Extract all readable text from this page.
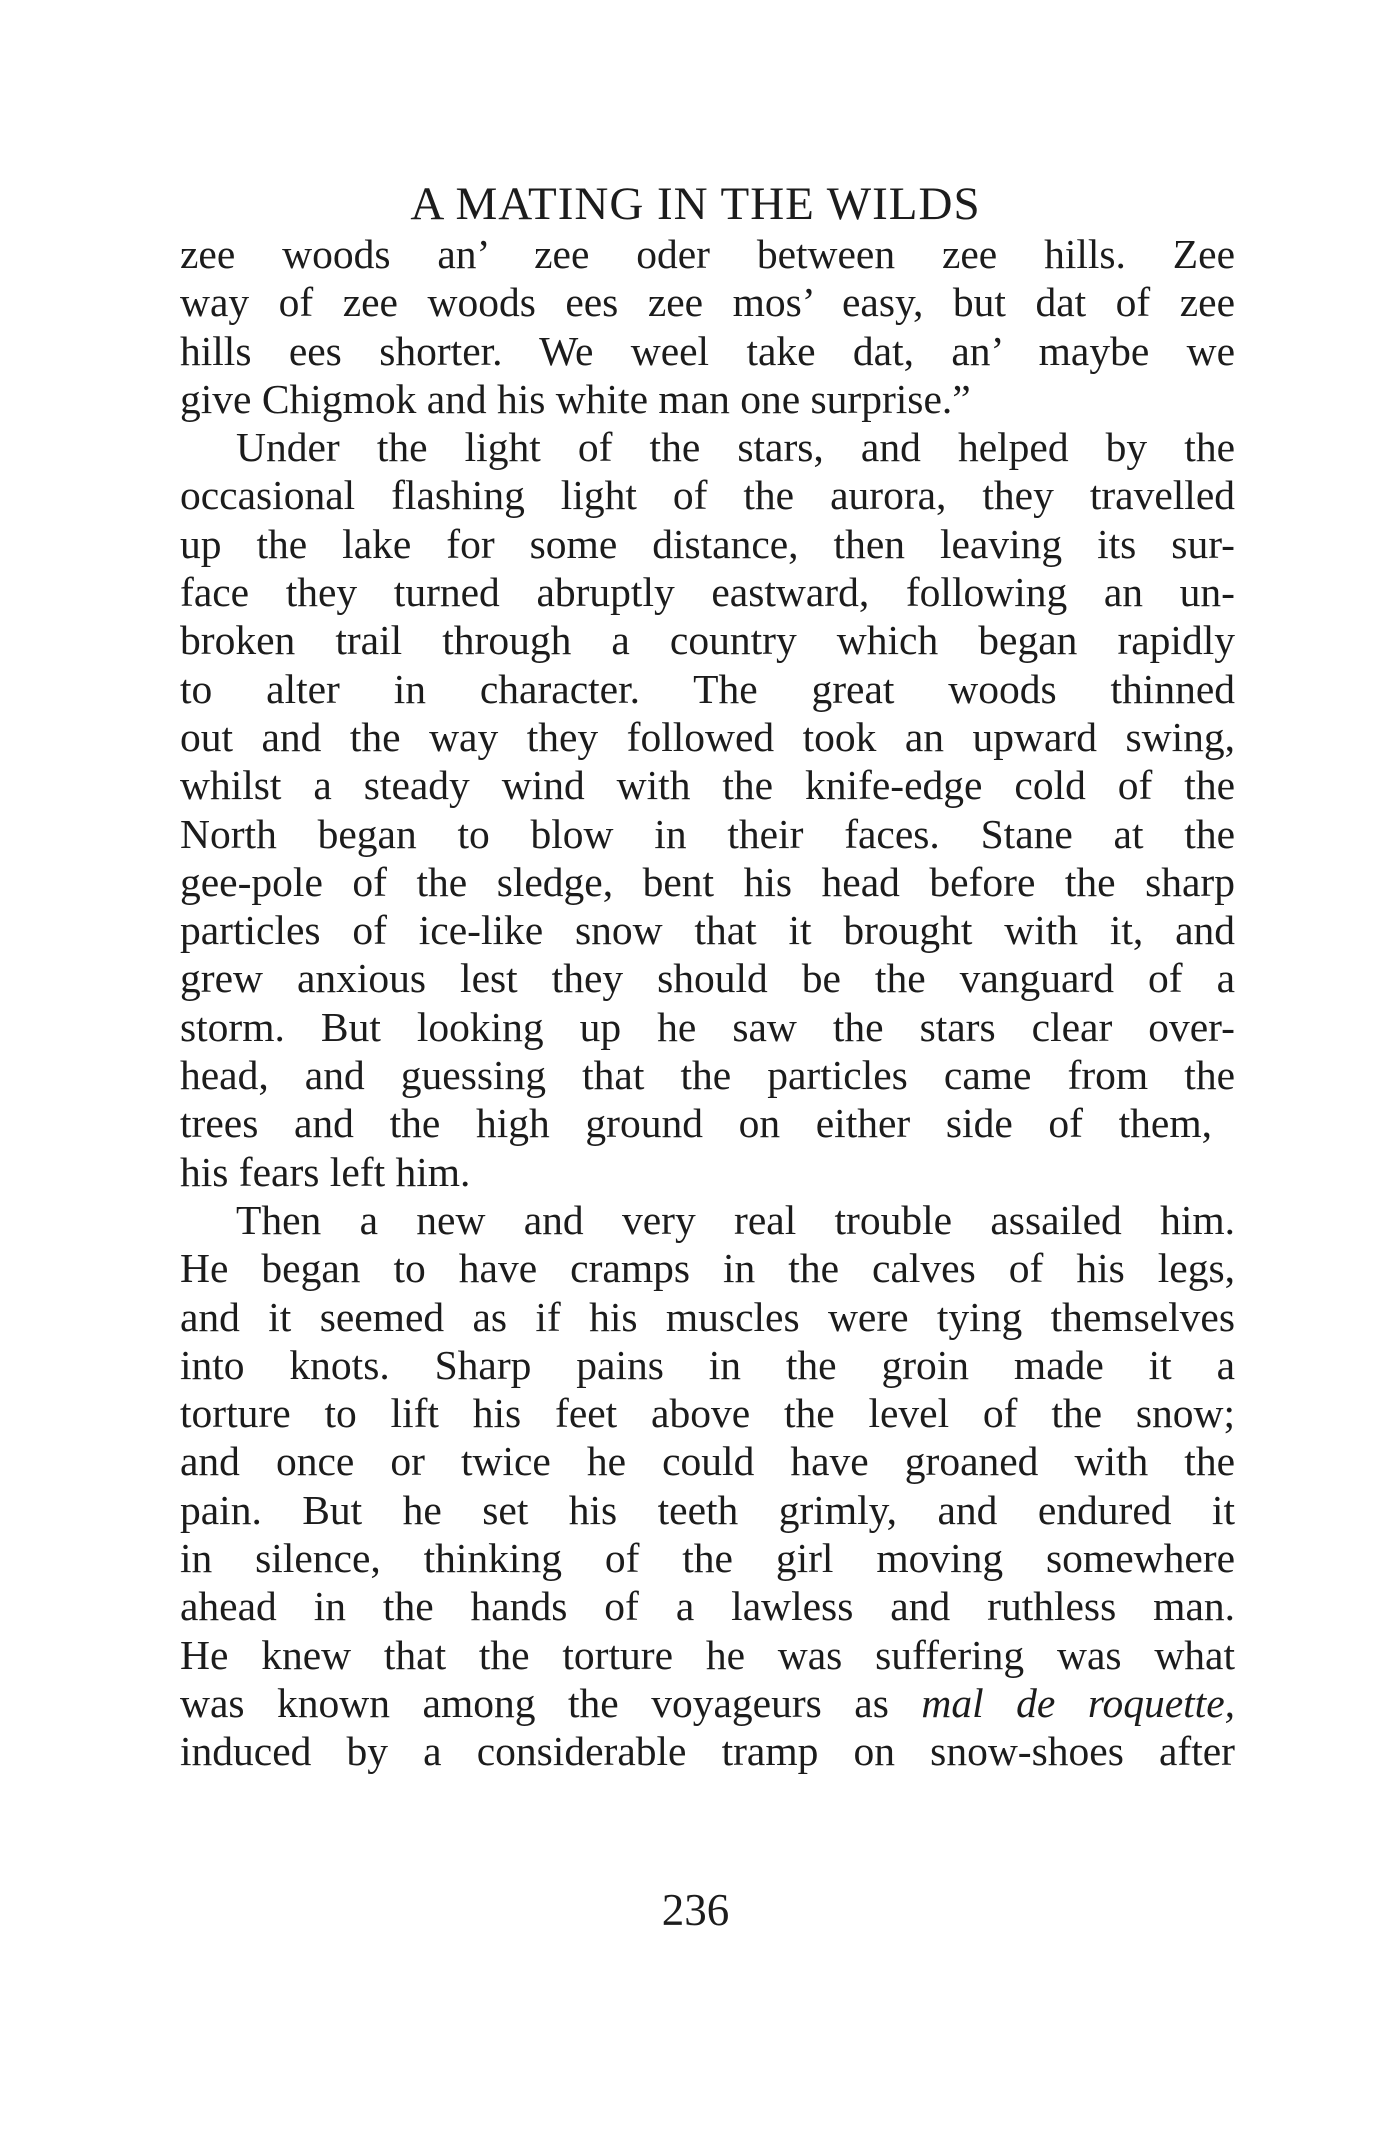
A MATING IN THE WILDS
zee woods an’ zee oder between zee hills. Zee
way of zee woods ees zee mos’ easy, but dat of zee
hills ees shorter. We weel take dat, an’ maybe we
give Chigmok and his white man one surprise.”
Under the light of the stars, and helped by the
occasional flashing light of the aurora, they travelled
up the lake for some distance, then leaving its sur-
face they turned abruptly eastward, following an un-
broken trail through a country which began rapidly
to alter in character. The great woods thinned
out and the way they followed took an upward swing,
whilst a steady wind with the knife-edge cold of the
North began to blow in their faces. Stane at the
gee-pole of the sledge, bent his head before the sharp
particles of ice-like snow that it brought with it, and
grew anxious lest they should be the vanguard of a
storm. But looking up he saw the stars clear over-
head, and guessing that the particles came from the
trees and the high ground on either side of them,
his fears left him.
Then a new and very real trouble assailed him.
He began to have cramps in the calves of his legs,
and it seemed as if his muscles were tying themselves
into knots. Sharp pains in the groin made it a
torture to lift his feet above the level of the snow;
and once or twice he could have groaned with the
pain. But he set his teeth grimly, and endured it
in silence, thinking of the girl moving somewhere
ahead in the hands of a lawless and ruthless man.
He knew that the torture he was suffering was what
was known among the voyageurs as mal de roquette,
induced by a considerable tramp on snow-shoes after
236
